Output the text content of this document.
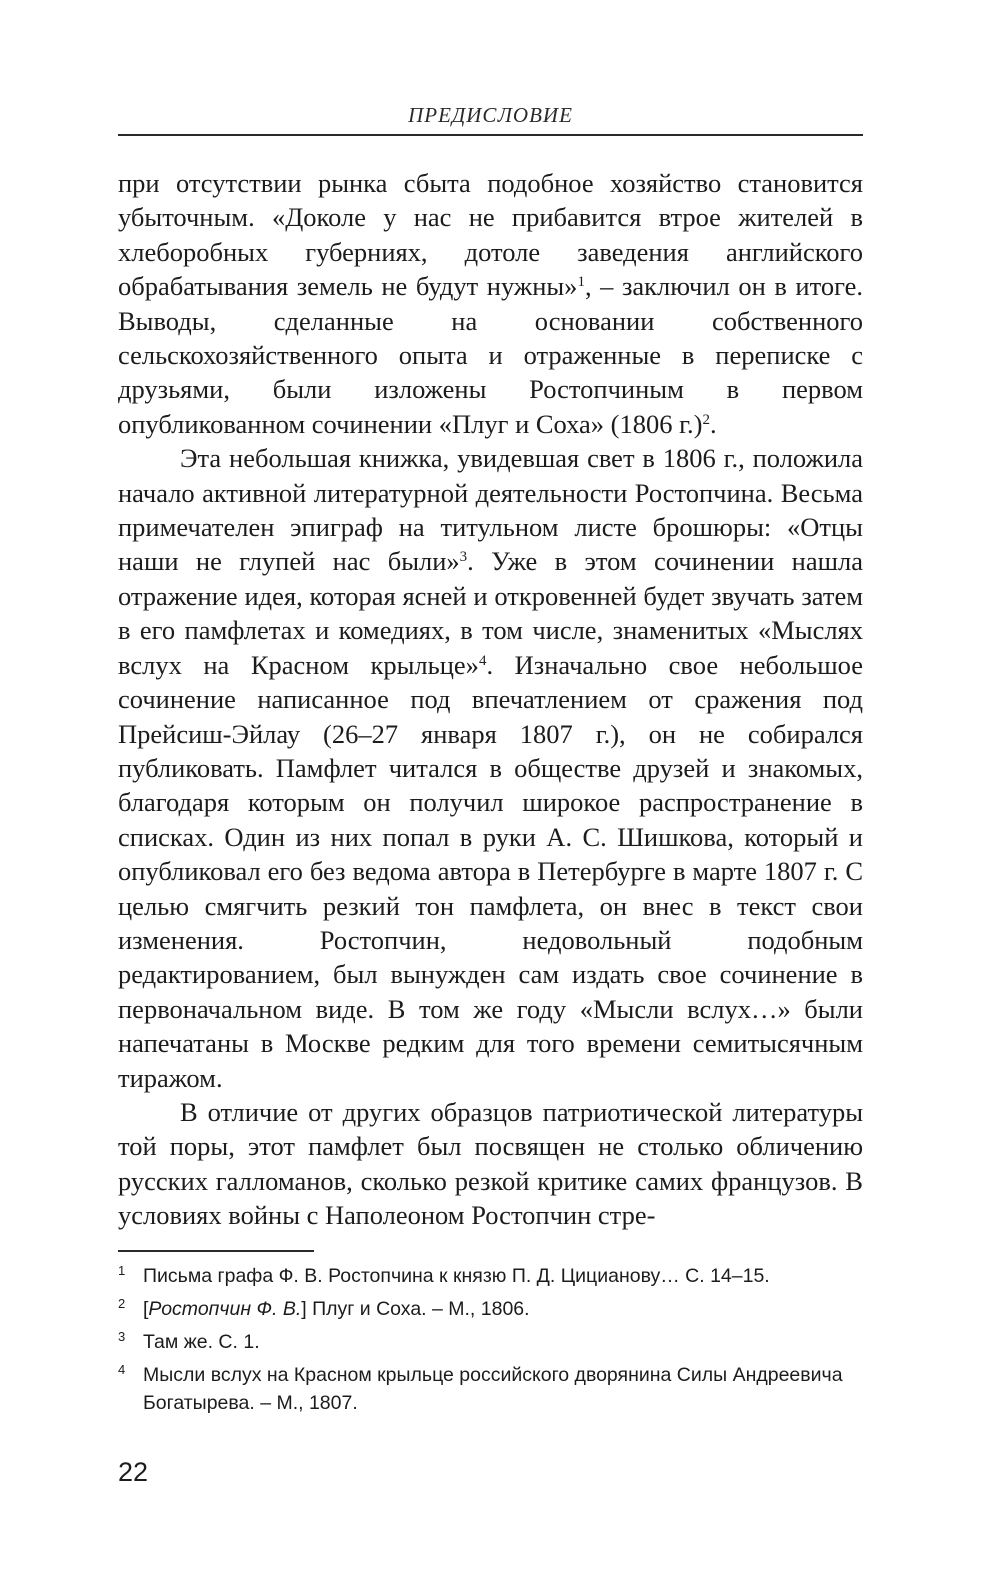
ПРЕДИСЛОВИЕ

при отсутствии рынка сбыта подобное хозяйство становится убыточным. «Доколе у нас не прибавится втрое жителей в хлеборобных губерниях, дотоле заведения английского обрабатывания земель не будут нужны»$^1$, – заключил он в итоге. Выводы, сделанные на основании собственного сельскохозяйственного опыта и отраженные в переписке с друзьями, были изложены Ростопчиным в первом опубликованном сочинении «Плуг и Соха» (1806 г.)$^2$.

Эта небольшая книжка, увидевшая свет в 1806 г., положила начало активной литературной деятельности Ростопчина. Весьма примечателен эпиграф на титульном листе брошюры: «Отцы наши не глупей нас были»$^3$. Уже в этом сочинении нашла отражение идея, которая ясней и откровенней будет звучать затем в его памфлетах и комедиях, в том числе, знаменитых «Мыслях вслух на Красном крыльце»$^4$. Изначально свое небольшое сочинение написанное под впечатлением от сражения под Прейсиш-Эйлау (26–27 января 1807 г.), он не собирался публиковать. Памфлет читался в обществе друзей и знакомых, благодаря которым он получил широкое распространение в списках. Один из них попал в руки А. С. Шишкова, который и опубликовал его без ведома автора в Петербурге в марте 1807 г. С целью смягчить резкий тон памфлета, он внес в текст свои изменения. Ростопчин, недовольный подобным редактированием, был вынужден сам издать свое сочинение в первоначальном виде. В том же году «Мысли вслух…» были напечатаны в Москве редким для того времени семитысячным тиражом.

В отличие от других образцов патриотической литературы той поры, этот памфлет был посвящен не столько обличению русских галломанов, сколько резкой критике самих французов. В условиях войны с Наполеоном Ростопчин стре-

1 Письма графа Ф. В. Ростопчина к князю П. Д. Цицианову… С. 14–15.
2 [Ростопчин Ф. В.] Плуг и Соха. – М., 1806.
3 Там же. С. 1.
4 Мысли вслух на Красном крыльце российского дворянина Силы Андреевича Богатырева. – М., 1807.
22
